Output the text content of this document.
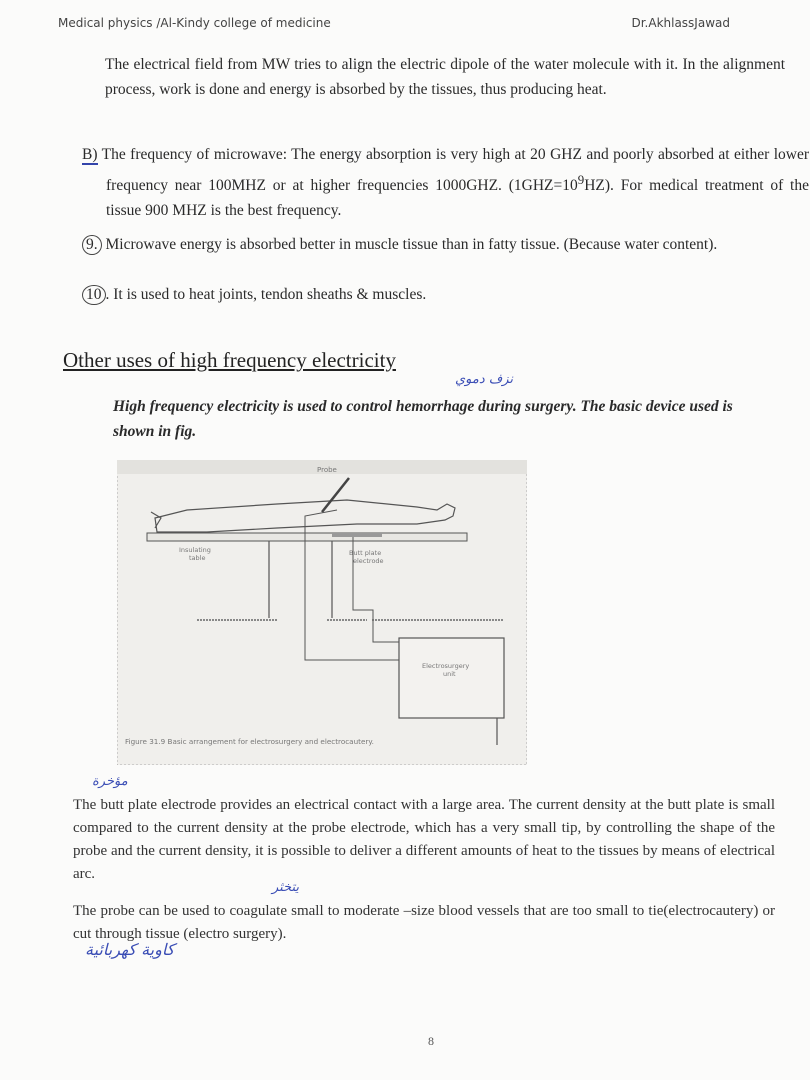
Medical physics /Al-Kindy college of medicine	Dr.AkhlassJawad
The electrical field from MW tries to align the electric dipole of the water molecule with it. In the alignment process, work is done and energy is absorbed by the tissues, thus producing heat.
B) The frequency of microwave: The energy absorption is very high at 20 GHZ and poorly absorbed at either lower frequency near 100MHZ or at higher frequencies 1000GHZ. $(1GHZ=10^9HZ)$. For medical treatment of the tissue 900 MHZ is the best frequency.
9. Microwave energy is absorbed better in muscle tissue than in fatty tissue. (Because water content).
10 . It is used to heat joints, tendon sheaths & muscles.
Other uses of high frequency electricity
نزف دموي
High frequency electricity is used to control hemorrhage during surgery. The basic device used is shown in fig.
Probe
Insulating
table
Butt plate
electrode
Electrosurgery
unit
Figure 31.9 Basic arrangement for electrosurgery and electrocautery.
مؤخرة
The butt plate electrode provides an electrical contact with a large area. The current density at the butt plate is small compared to the current density at the probe electrode, which has a very small tip, by controlling the shape of the probe and the current density, it is possible to deliver a different amounts of heat to the tissues by means of electrical arc.
يتخثر
The probe can be used to coagulate small to moderate –size blood vessels that are too small to tie(electrocautery) or cut through tissue (electro surgery).
كاوية كهربائية
8
